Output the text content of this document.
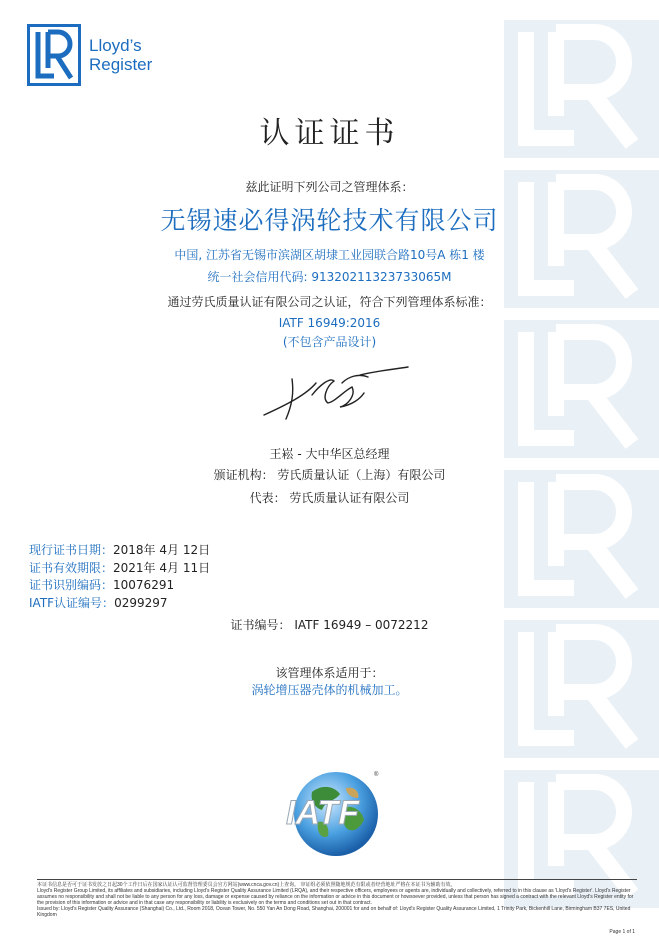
Lloyd’s
Register
认证证书
兹此证明下列公司之管理体系：
无锡速必得涡轮技术有限公司
中国, 江苏省无锡市滨湖区胡埭工业园联合路10号A 栋1 楼
统一社会信用代码: 91320211323733065M
通过劳氏质量认证有限公司之认证，符合下列管理体系标准：
IATF 16949:2016
(不包含产品设计)
王崧 - 大中华区总经理
颁证机构： 劳氏质量认证（上海）有限公司
代表： 劳氏质量认证有限公司
现行证书日期：2018年 4月 12日
证书有效期限：2021年 4月 11日
证书识别编码：10076291
IATF认证编号：0299297
证书编号： IATF 16949 – 0072212
该管理体系适用于：
涡轮增压器壳体的机械加工。
IATF
®
本证书信息是否可于证书发放之日起30个工作日后在国家认证认可监督管理委员会官方网站(www.cnca.gov.cn)上查询。 审证组必须依照随地规范有限或者经营地址严格在本证书为辅助有效。
Lloyd's Register Group Limited, its affiliates and subsidiaries, including Lloyd's Register Quality Assurance Limited (LRQA), and their respective officers, employees or agents are, individually and collectively, referred to in this clause as 'Lloyd's Register'. Lloyd's Register assumes no responsibility and shall not be liable to any person for any loss, damage or expense caused by reliance on the information or advice in this document or howsoever provided, unless that person has signed a contract with the relevant Lloyd's Register entity for the provision of this information or advice and in that case any responsibility or liability is exclusively on the terms and conditions set out in that contract.
Issued by: Lloyd's Register Quality Assurance (Shanghai) Co., Ltd., Room 2018, Ocean Tower, No. 550 Yan An Dong Road, Shanghai, 200001 for and on behalf of: Lloyd's Register Quality Assurance Limited, 1 Trinity Park, Bickenhill Lane, Birmingham B37 7ES, United Kingdom
Page 1 of 1
